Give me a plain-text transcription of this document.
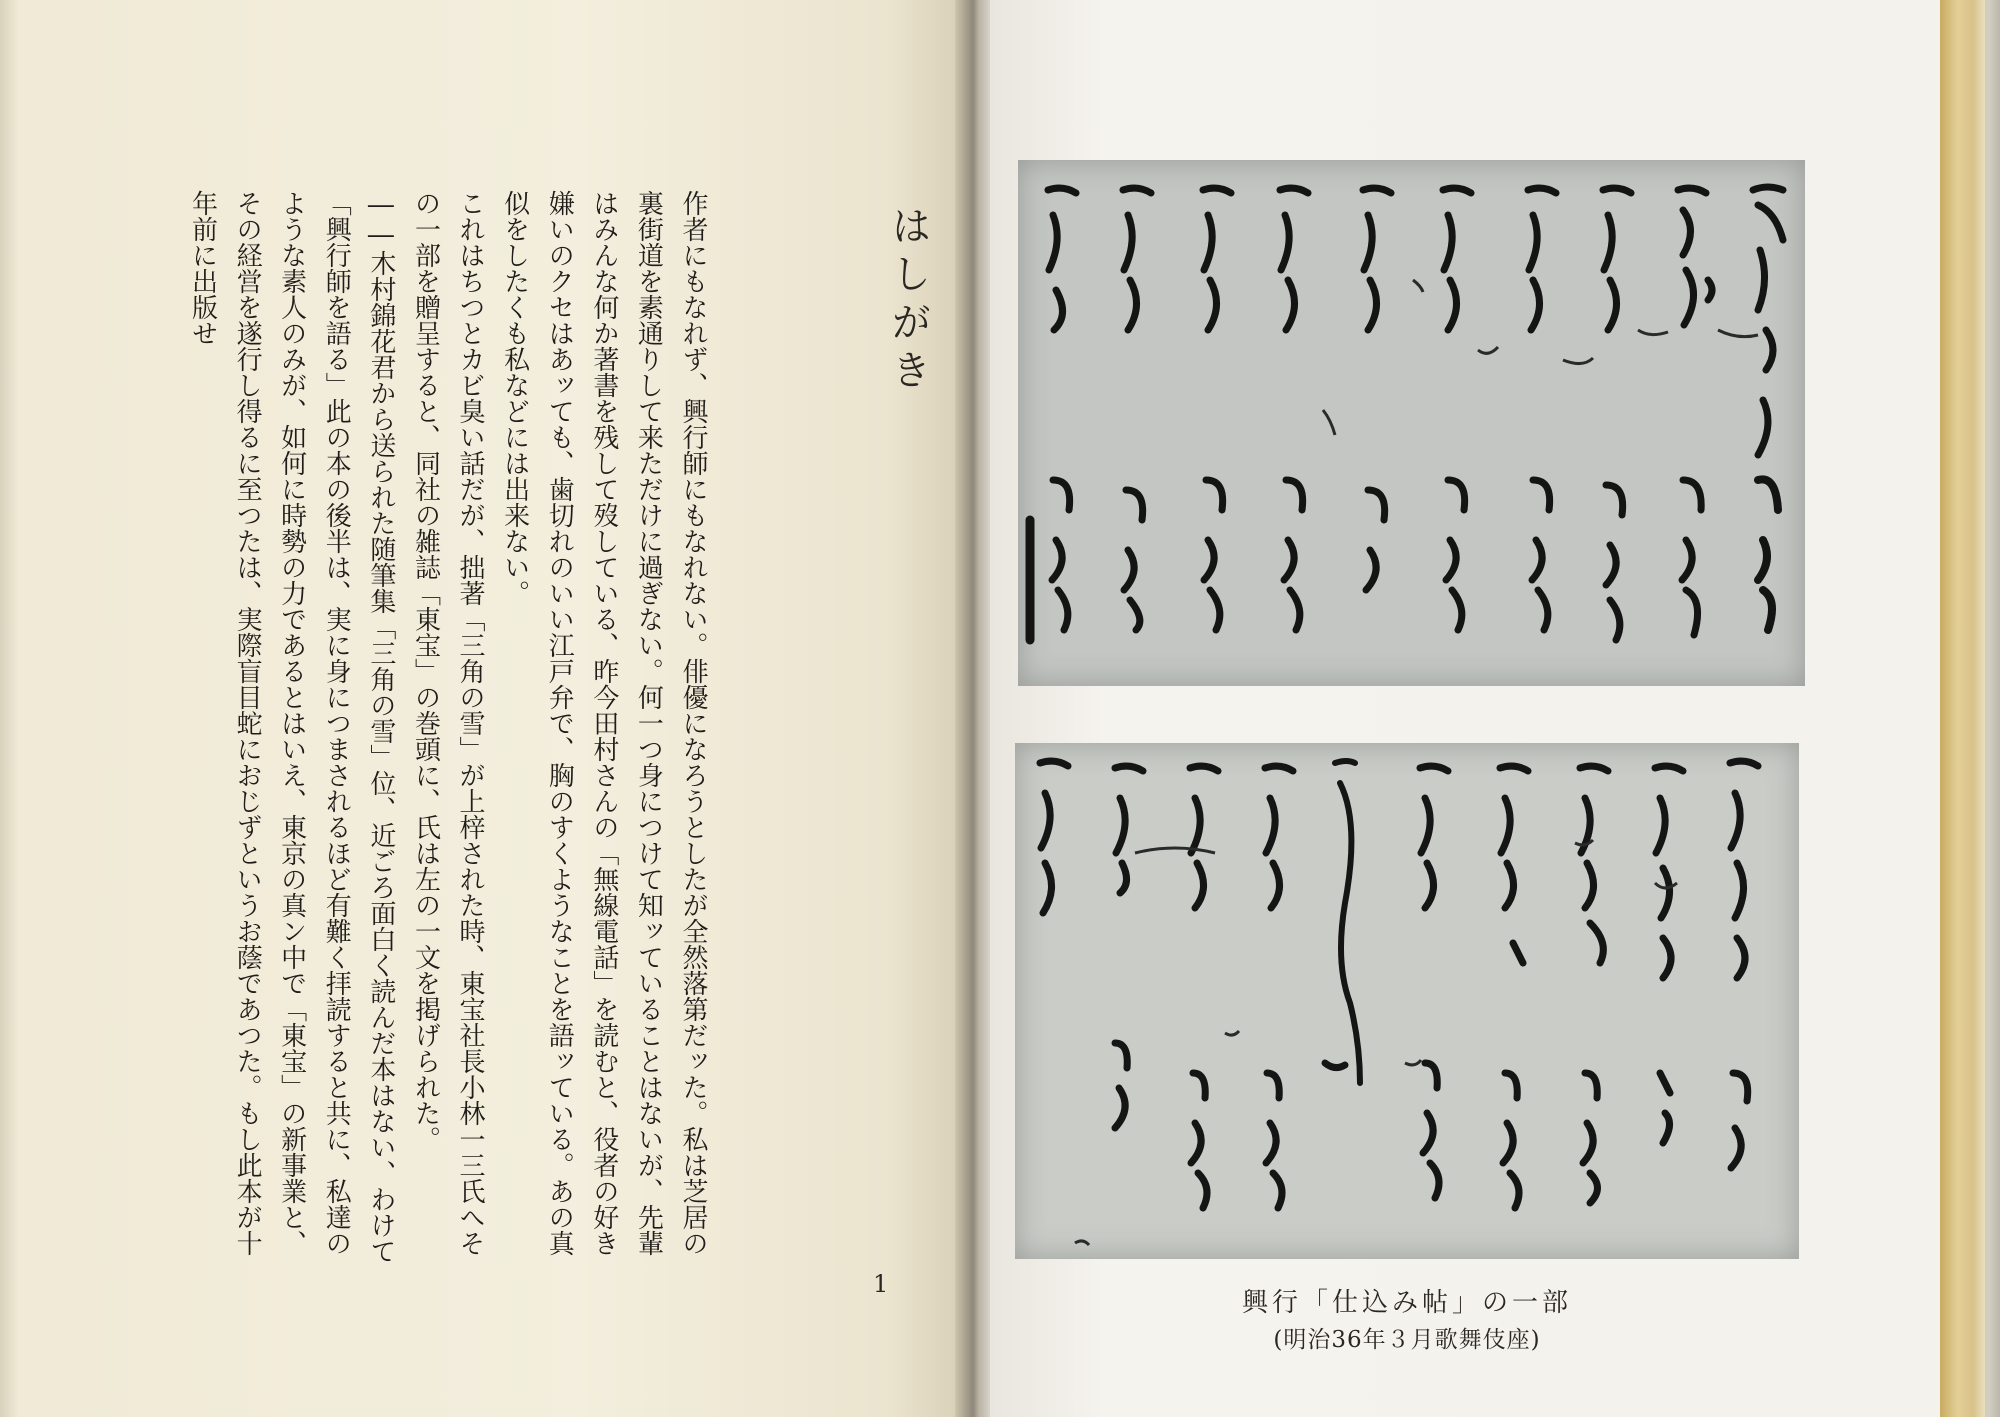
はしがき

作者にもなれず、興行師にもなれない。俳優になろうとしたが全然落第だッた。私は芝居の裏街道を素通りして来ただけに過ぎない。何一つ身につけて知ッていることはないが、先輩はみんな何か著書を残して歿している、昨今田村さんの「無線電話」を読むと、役者の好き嫌いのクセはあッても、歯切れのいい江戸弁で、胸のすくようなことを語ッている。あの真似をしたくも私などには出来ない。

これはちつとカビ臭い話だが、拙著「三角の雪」が上梓された時、東宝社長小林一三氏へその一部を贈呈すると、同社の雑誌「東宝」の巻頭に、氏は左の一文を掲げられた。

――木村錦花君から送られた随筆集「三角の雪」位、近ごろ面白く読んだ本はない、わけて「興行師を語る」此の本の後半は、実に身につまされるほど有難く拝読すると共に、私達のような素人のみが、如何に時勢の力であるとはいえ、東京の真ン中で「東宝」の新事業と、その経営を遂行し得るに至つたは、実際盲目蛇におじずというお蔭であつた。もし此本が十年前に出版せ

1
興行「仕込み帖」の一部
(明治36年３月歌舞伎座)
